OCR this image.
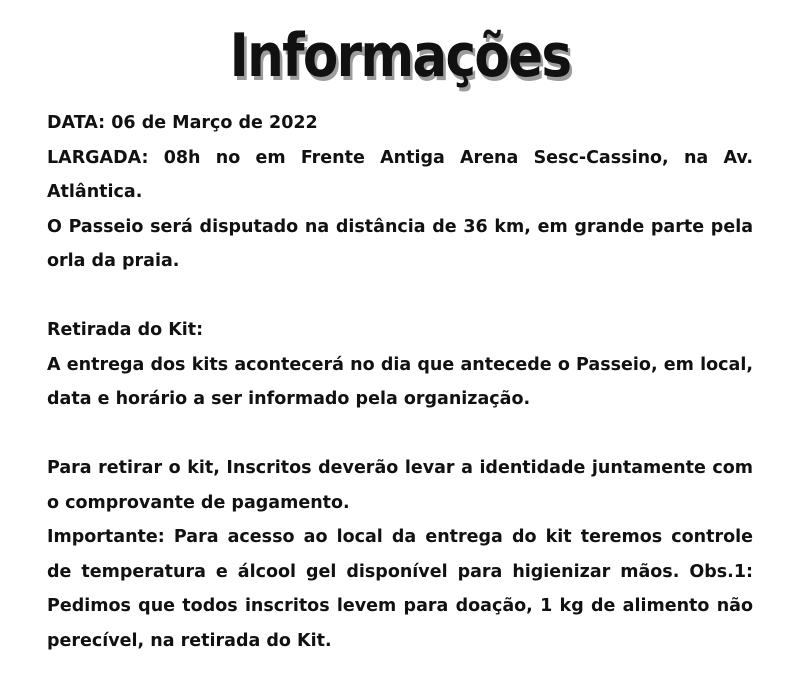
Informações

DATA: 06 de Março de 2022

LARGADA: 08h no em Frente Antiga Arena Sesc-Cassino, na Av. Atlântica.

O Passeio será disputado na distância de 36 km, em grande parte pela orla da praia.

Retirada do Kit:

A entrega dos kits acontecerá no dia que antecede o Passeio, em local, data e horário a ser informado pela organização.

Para retirar o kit, Inscritos deverão levar a identidade juntamente com o comprovante de pagamento.

Importante: Para acesso ao local da entrega do kit teremos controle de temperatura e álcool gel disponível para higienizar mãos. Obs.1: Pedimos que todos inscritos levem para doação, 1 kg de alimento não perecível, na retirada do Kit.
